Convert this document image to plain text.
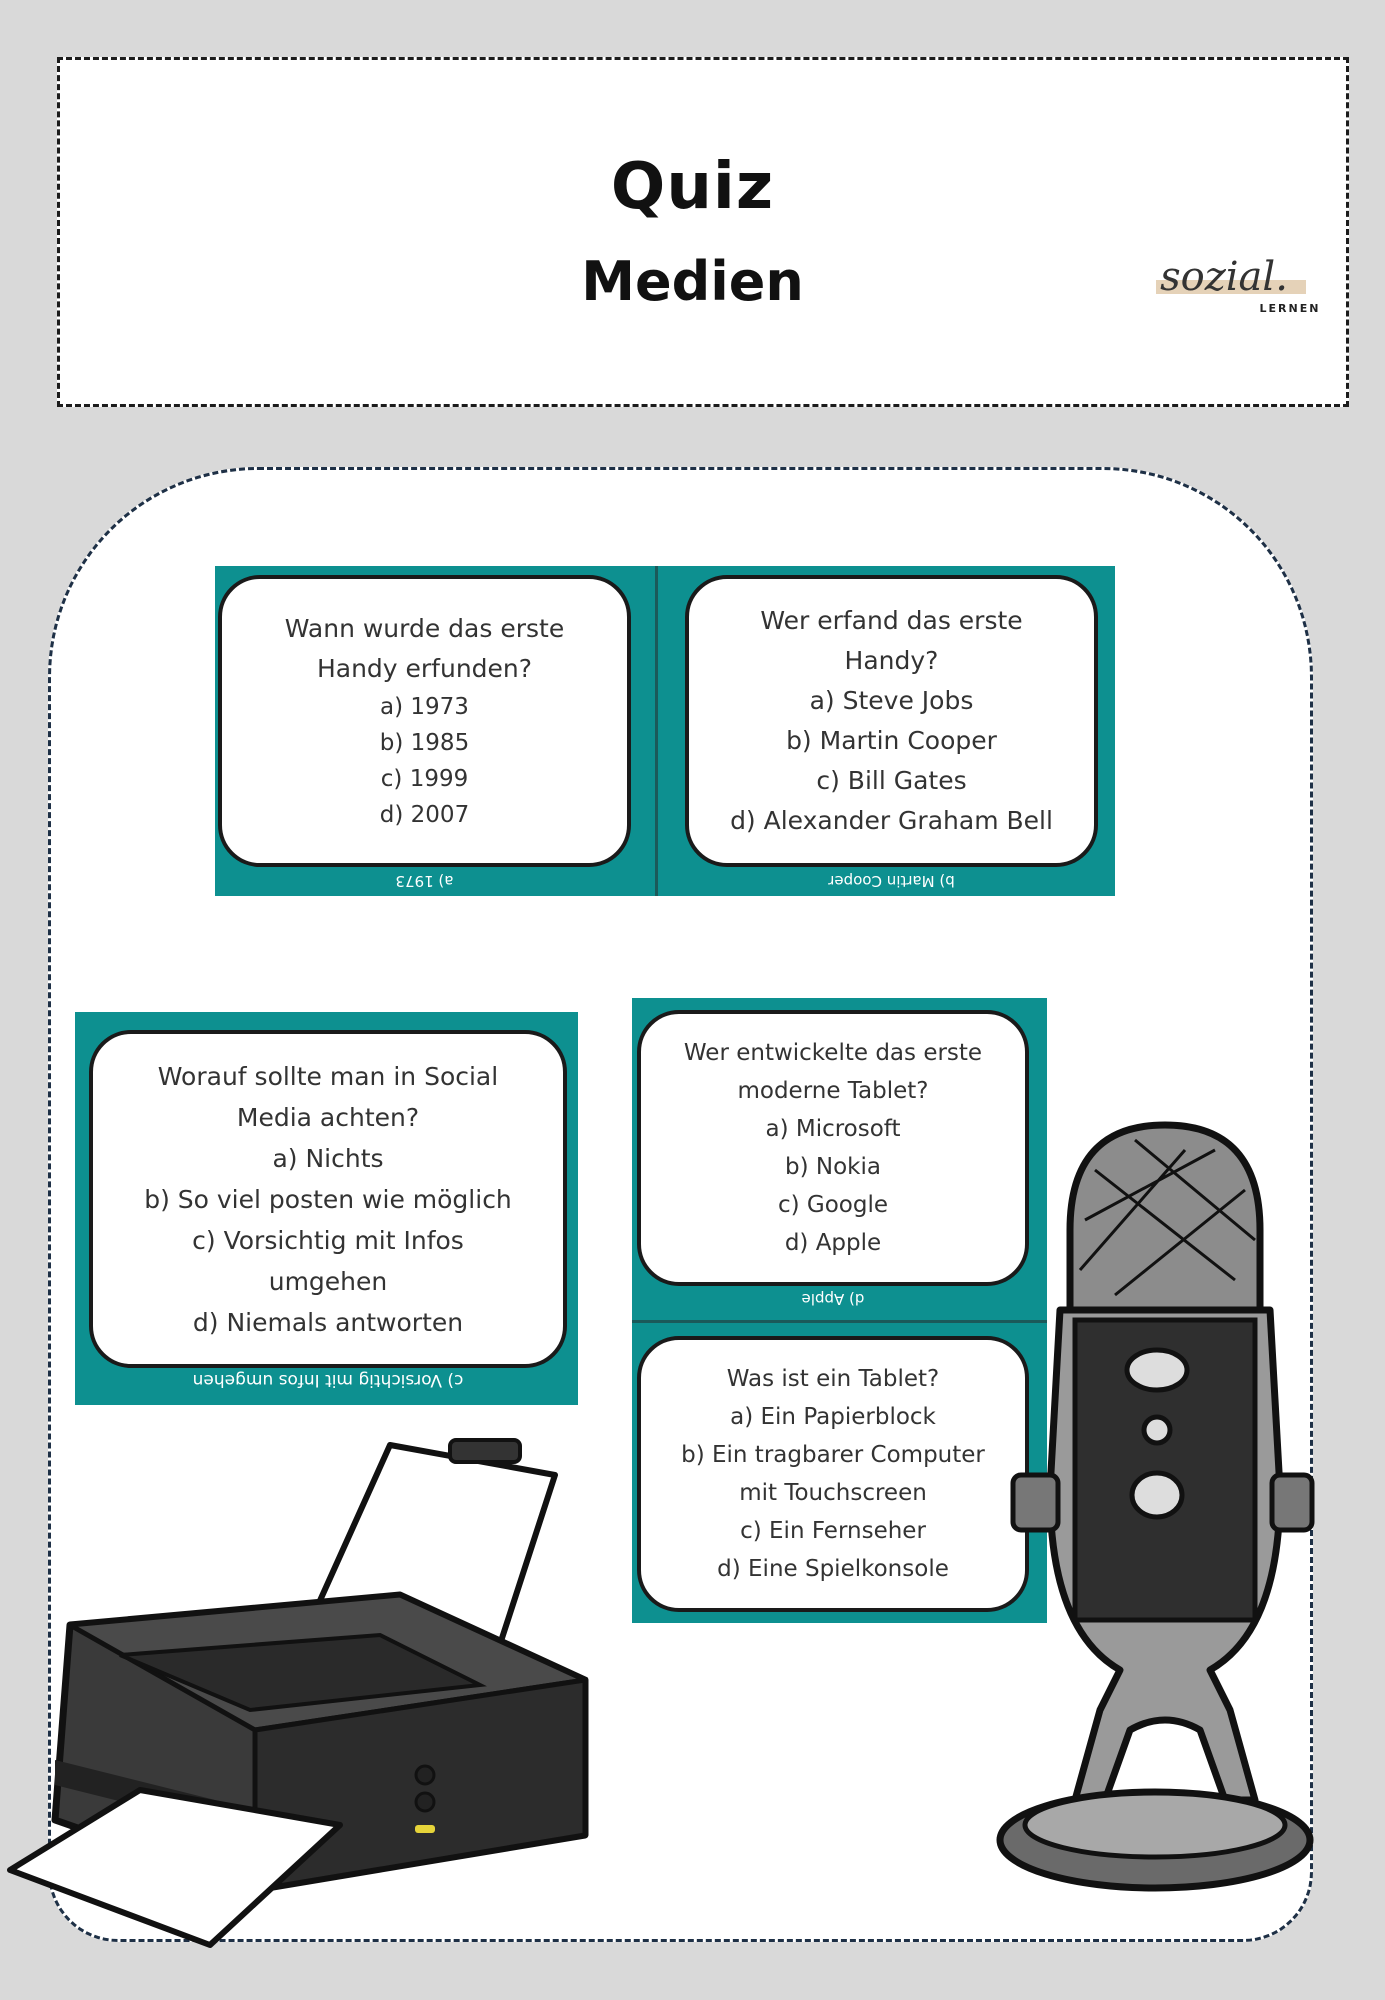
Quiz
Medien	sozial.
LERNEN
Wann wurde das erste
Handy erfunden?
a) 1973
b) 1985
c) 1999
d) 2007
a) 1973
Wer erfand das erste
Handy?
a) Steve Jobs
b) Martin Cooper
c) Bill Gates
d) Alexander Graham Bell
b) Martin Cooper
Worauf sollte man in Social
Media achten?
a) Nichts
b) So viel posten wie möglich
c) Vorsichtig mit Infos
umgehen
d) Niemals antworten
c) Vorsichtig mit Infos umgehen
Wer entwickelte das erste
moderne Tablet?
a) Microsoft
b) Nokia
c) Google
d) Apple
d) Apple
Was ist ein Tablet?
a) Ein Papierblock
b) Ein tragbarer Computer
mit Touchscreen
c) Ein Fernseher
d) Eine Spielkonsole
